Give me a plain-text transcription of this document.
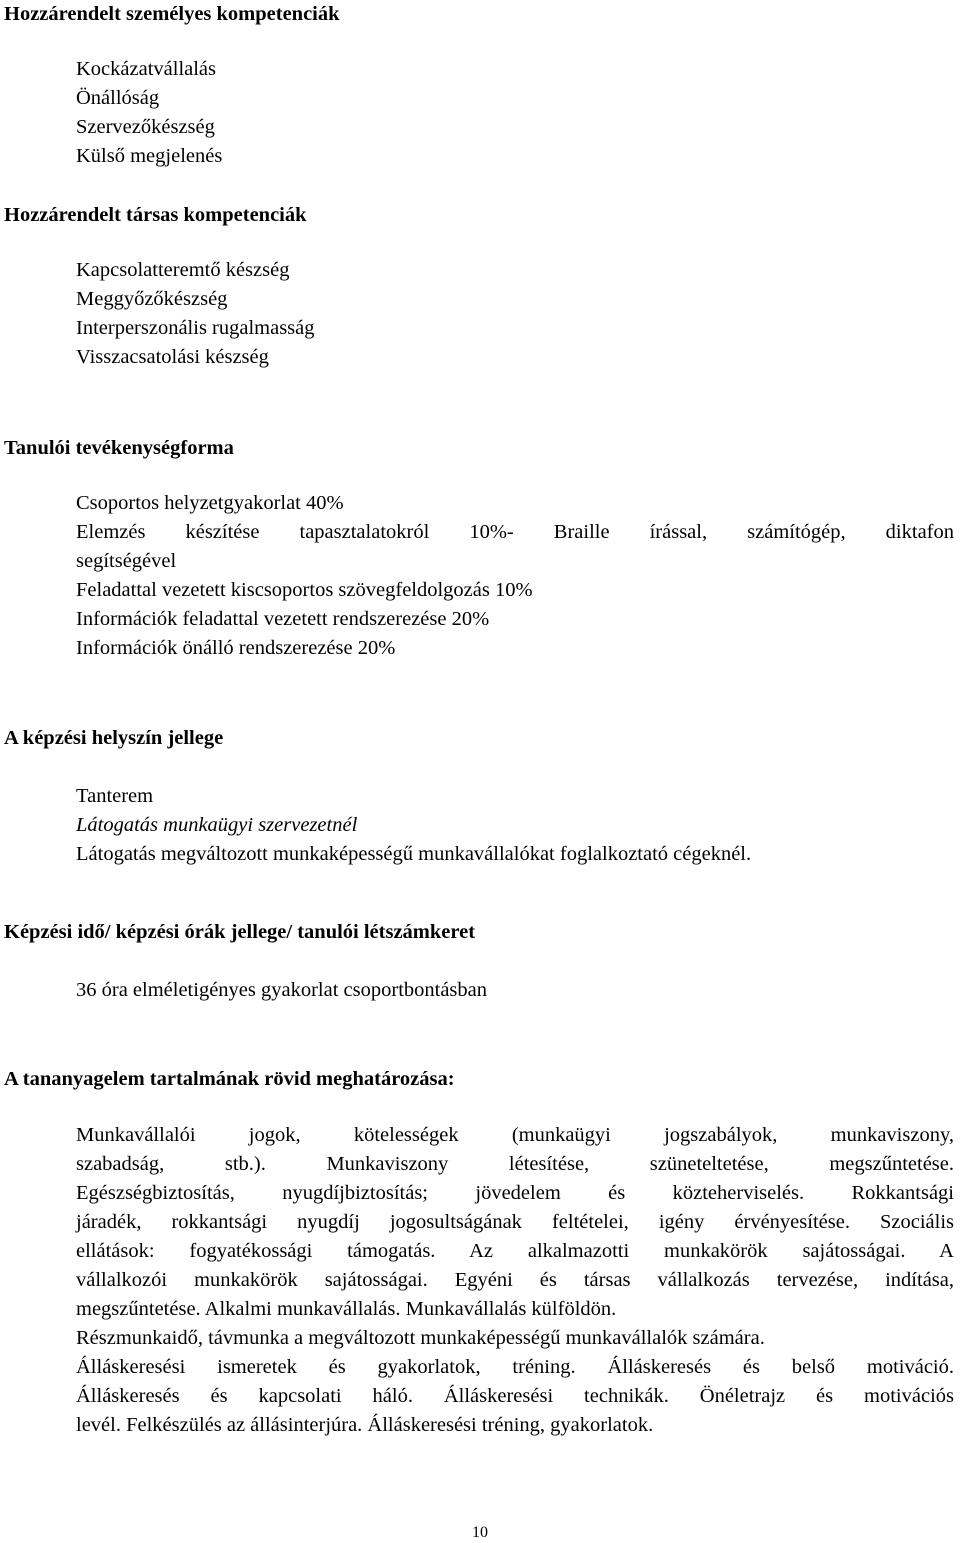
Hozzárendelt személyes kompetenciák
Kockázatvállalás
Önállóság
Szervezőkészség
Külső megjelenés
Hozzárendelt társas kompetenciák
Kapcsolatteremtő készség
Meggyőzőkészség
Interperszonális rugalmasság
Visszacsatolási készség
Tanulói tevékenységforma
Csoportos helyzetgyakorlat 40%
Elemzés készítése tapasztalatokról 10%- Braille írással, számítógép, diktafon
segítségével
Feladattal vezetett kiscsoportos szövegfeldolgozás 10%
Információk feladattal vezetett rendszerezése 20%
Információk önálló rendszerezése 20%
A képzési helyszín jellege
Tanterem
Látogatás munkaügyi szervezetnél
Látogatás megváltozott munkaképességű munkavállalókat foglalkoztató cégeknél.
Képzési idő/ képzési órák jellege/ tanulói létszámkeret
36 óra elméletigényes gyakorlat csoportbontásban
A tananyagelem tartalmának rövid meghatározása:
Munkavállalói jogok, kötelességek (munkaügyi jogszabályok, munkaviszony,
szabadság, stb.). Munkaviszony létesítése, szüneteltetése, megszűntetése.
Egészségbiztosítás, nyugdíjbiztosítás; jövedelem és közteherviselés. Rokkantsági
járadék, rokkantsági nyugdíj jogosultságának feltételei, igény érvényesítése. Szociális
ellátások: fogyatékossági támogatás. Az alkalmazotti munkakörök sajátosságai. A
vállalkozói munkakörök sajátosságai. Egyéni és társas vállalkozás tervezése, indítása,
megszűntetése. Alkalmi munkavállalás. Munkavállalás külföldön.
Részmunkaidő, távmunka a megváltozott munkaképességű munkavállalók számára.
Álláskeresési ismeretek és gyakorlatok, tréning. Álláskeresés és belső motiváció.
Álláskeresés és kapcsolati háló. Álláskeresési technikák. Önéletrajz és motivációs
levél. Felkészülés az állásinterjúra. Álláskeresési tréning, gyakorlatok.
10
